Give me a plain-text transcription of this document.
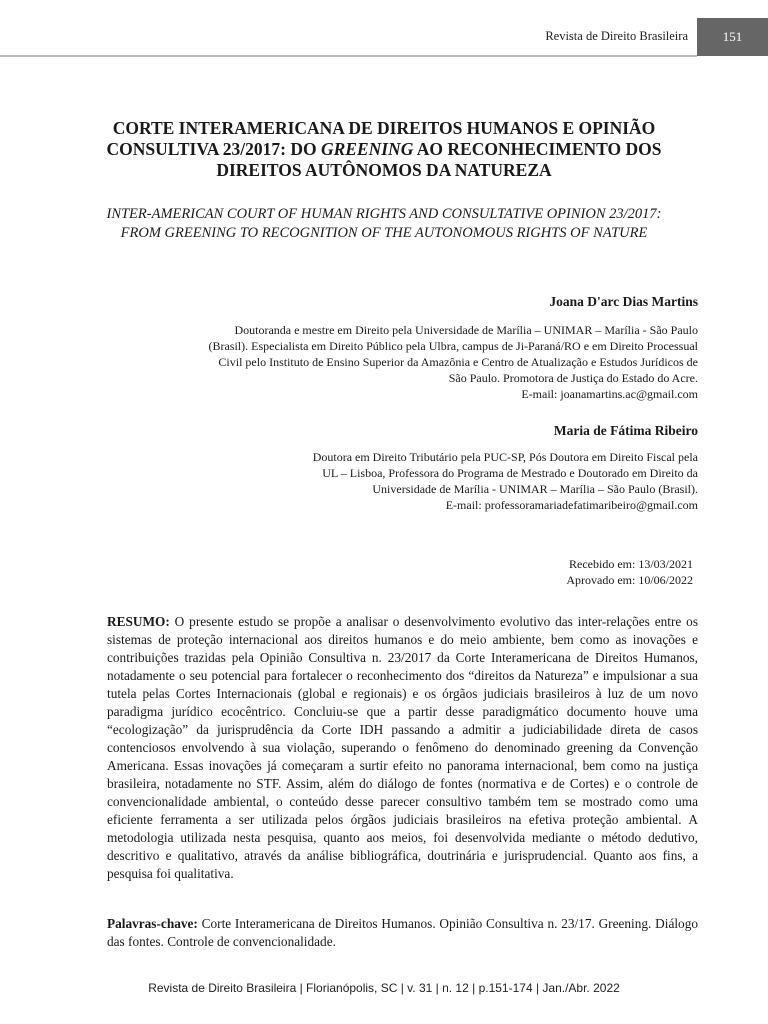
Revista de Direito Brasileira	151
CORTE INTERAMERICANA DE DIREITOS HUMANOS E OPINIÃO
CONSULTIVA 23/2017: DO GREENING AO RECONHECIMENTO DOS
DIREITOS AUTÔNOMOS DA NATUREZA
INTER-AMERICAN COURT OF HUMAN RIGHTS AND CONSULTATIVE OPINION 23/2017:
FROM GREENING TO RECOGNITION OF THE AUTONOMOUS RIGHTS OF NATURE
Joana D'arc Dias Martins
Doutoranda e mestre em Direito pela Universidade de Marília – UNIMAR – Marília - São Paulo
(Brasil). Especialista em Direito Público pela Ulbra, campus de Ji-Paraná/RO e em Direito Processual
Civil pelo Instituto de Ensino Superior da Amazônia e Centro de Atualização e Estudos Jurídicos de
São Paulo. Promotora de Justiça do Estado do Acre.
E-mail: joanamartins.ac@gmail.com
Maria de Fátima Ribeiro
Doutora em Direito Tributário pela PUC-SP, Pós Doutora em Direito Fiscal pela
UL – Lisboa, Professora do Programa de Mestrado e Doutorado em Direito da
Universidade de Marília - UNIMAR – Marília – São Paulo (Brasil).
E-mail: professoramariadefatimaribeiro@gmail.com
Recebido em: 13/03/2021
Aprovado em: 10/06/2022
RESUMO: O presente estudo se propõe a analisar o desenvolvimento evolutivo das inter-relações entre os sistemas de proteção internacional aos direitos humanos e do meio ambiente, bem como as inovações e contribuições trazidas pela Opinião Consultiva n. 23/2017 da Corte Interamericana de Direitos Humanos, notadamente o seu potencial para fortalecer o reconhecimento dos “direitos da Natureza” e impulsionar a sua tutela pelas Cortes Internacionais (global e regionais) e os órgãos judiciais brasileiros à luz de um novo paradigma jurídico ecocêntrico. Concluiu-se que a partir desse paradigmático documento houve uma “ecologização” da jurisprudência da Corte IDH passando a admitir a judiciabilidade direta de casos contenciosos envolvendo à sua violação, superando o fenômeno do denominado greening da Convenção Americana. Essas inovações já começaram a surtir efeito no panorama internacional, bem como na justiça brasileira, notadamente no STF. Assim, além do diálogo de fontes (normativa e de Cortes) e o controle de convencionalidade ambiental, o conteúdo desse parecer consultivo também tem se mostrado como uma eficiente ferramenta a ser utilizada pelos órgãos judiciais brasileiros na efetiva proteção ambiental. A metodologia utilizada nesta pesquisa, quanto aos meios, foi desenvolvida mediante o método dedutivo, descritivo e qualitativo, através da análise bibliográfica, doutrinária e jurisprudencial. Quanto aos fins, a pesquisa foi qualitativa.
Palavras-chave: Corte Interamericana de Direitos Humanos. Opinião Consultiva n. 23/17. Greening. Diálogo das fontes. Controle de convencionalidade.
Revista de Direito Brasileira | Florianópolis, SC | v. 31 | n. 12 | p.151-174 | Jan./Abr. 2022
